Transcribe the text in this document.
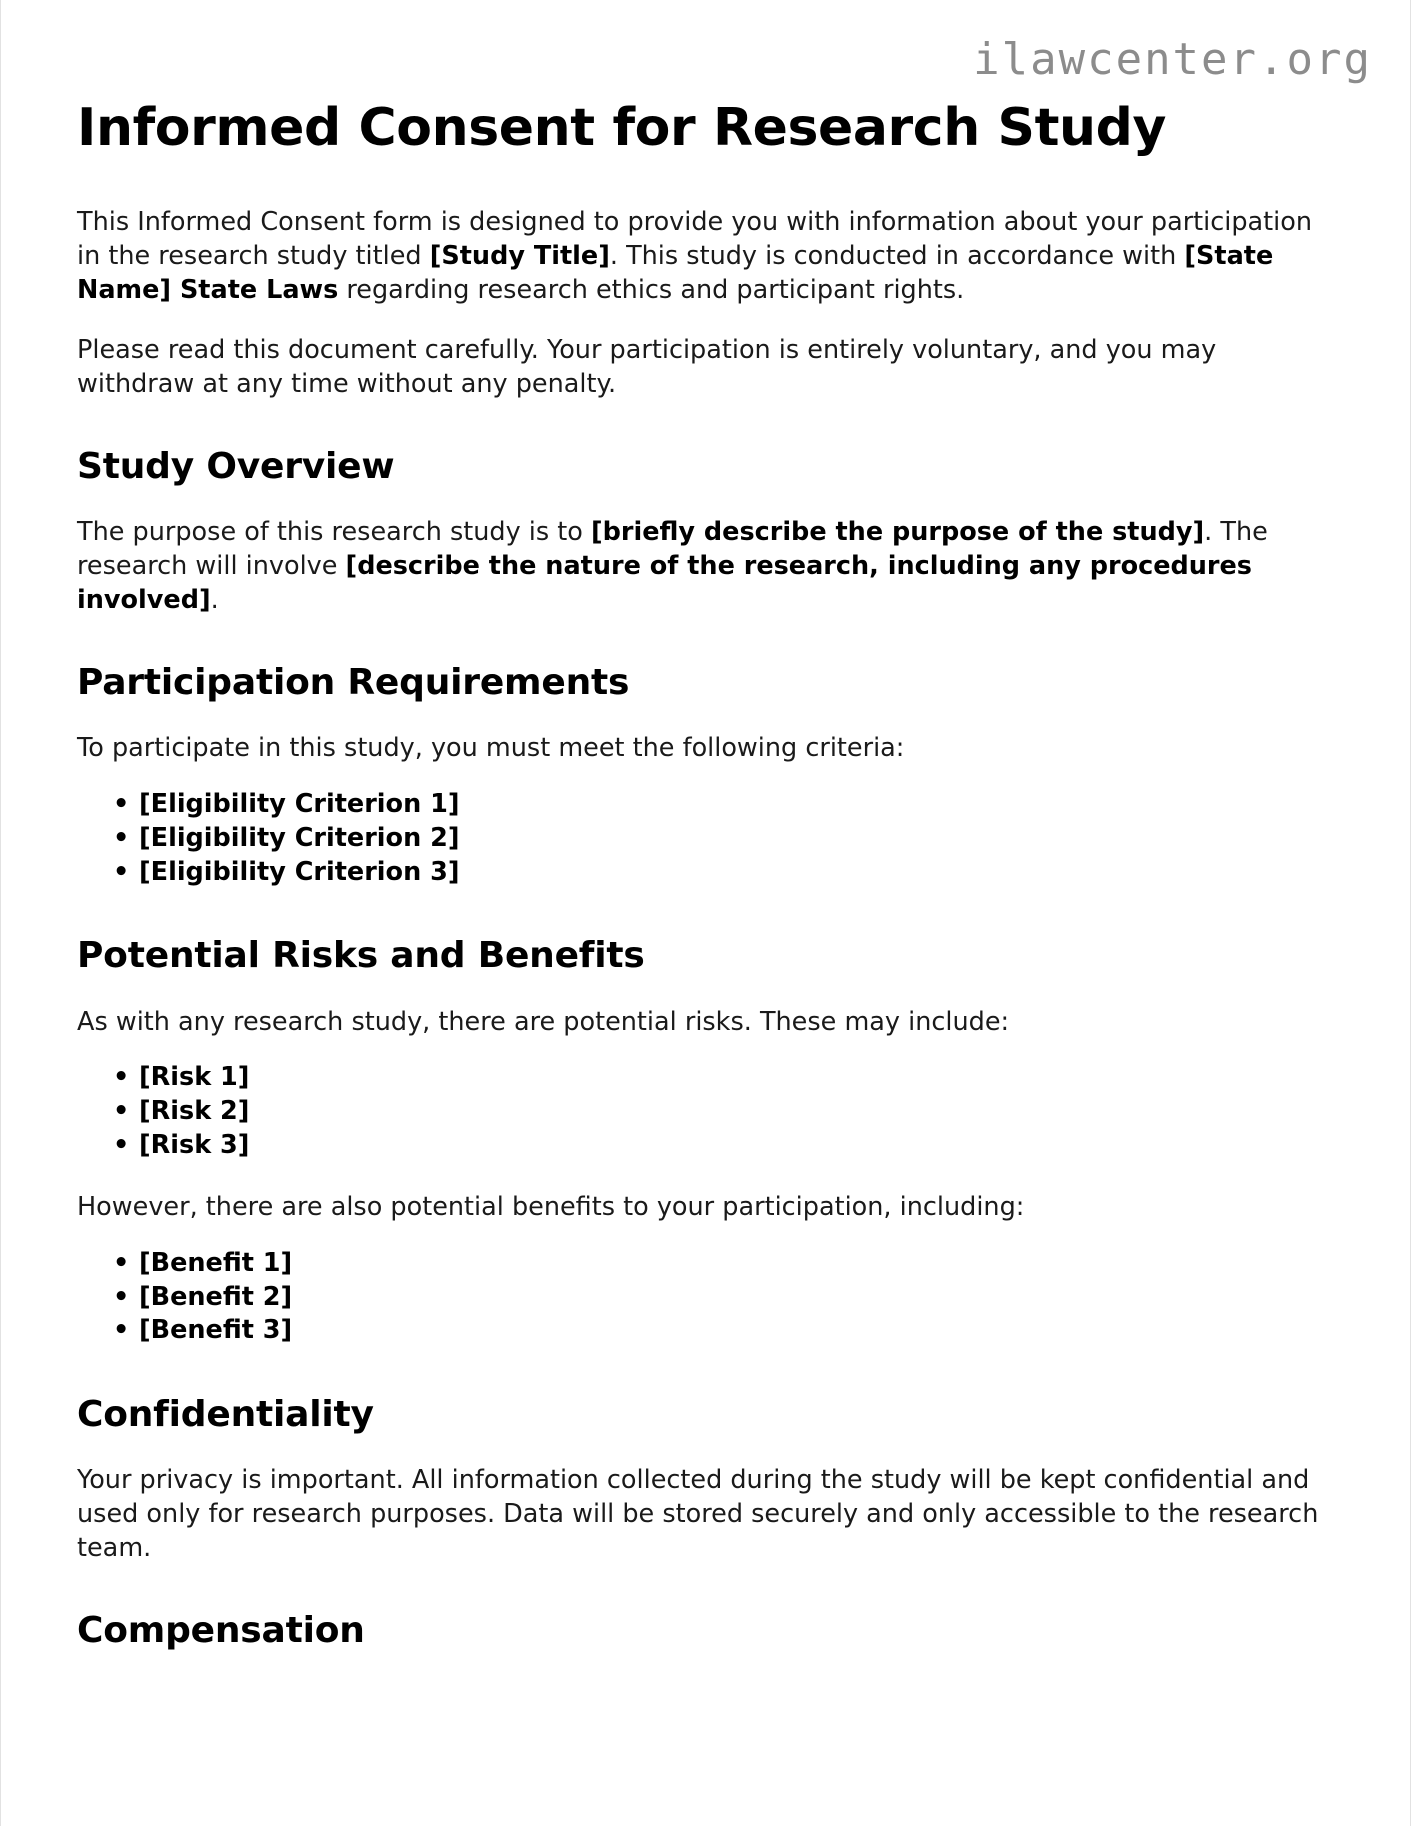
ilawcenter.org
Informed Consent for Research Study

This Informed Consent form is designed to provide you with information about your participation in the research study titled [Study Title]. This study is conducted in accordance with [State Name] State Laws regarding research ethics and participant rights.

Please read this document carefully. Your participation is entirely voluntary, and you may withdraw at any time without any penalty.

Study Overview

The purpose of this research study is to [briefly describe the purpose of the study]. The research will involve [describe the nature of the research, including any procedures involved].

Participation Requirements

To participate in this study, you must meet the following criteria:

• [Eligibility Criterion 1]
• [Eligibility Criterion 2]
• [Eligibility Criterion 3]
Potential Risks and Benefits

As with any research study, there are potential risks. These may include:

• [Risk 1]
• [Risk 2]
• [Risk 3]

However, there are also potential benefits to your participation, including:

• [Benefit 1]
• [Benefit 2]
• [Benefit 3]
Confidentiality

Your privacy is important. All information collected during the study will be kept confidential and used only for research purposes. Data will be stored securely and only accessible to the research team.

Compensation
